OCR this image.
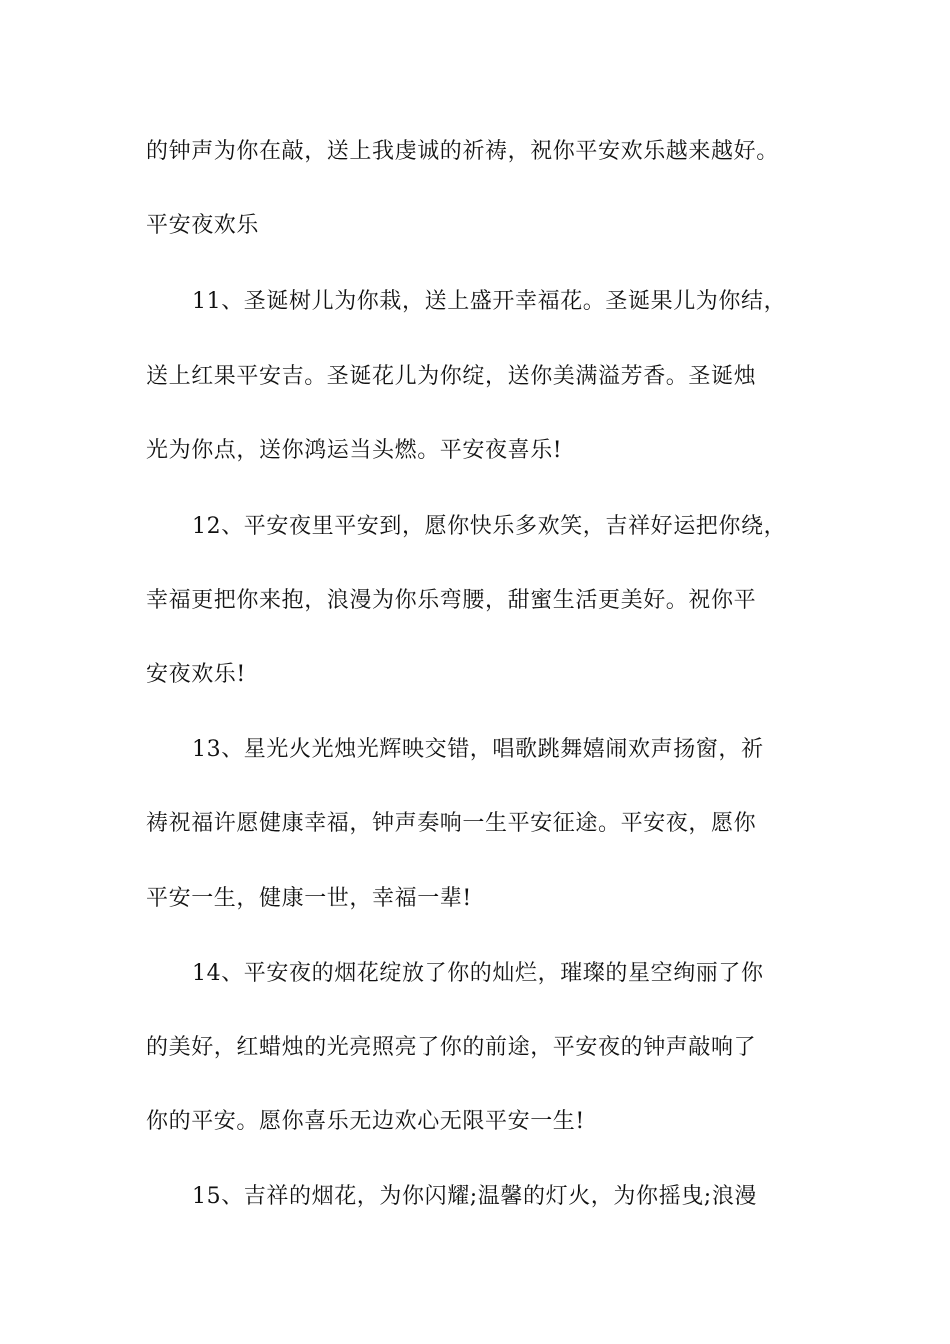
的钟声为你在敲，送上我虔诚的祈祷，祝你平安欢乐越来越好。
平安夜欢乐
11、圣诞树儿为你栽，送上盛开幸福花。圣诞果儿为你结，
送上红果平安吉。圣诞花儿为你绽，送你美满溢芳香。圣诞烛
光为你点，送你鸿运当头燃。平安夜喜乐!
12、平安夜里平安到，愿你快乐多欢笑，吉祥好运把你绕，
幸福更把你来抱，浪漫为你乐弯腰，甜蜜生活更美好。祝你平
安夜欢乐!
13、星光火光烛光辉映交错，唱歌跳舞嬉闹欢声扬窗，祈
祷祝福许愿健康幸福，钟声奏响一生平安征途。平安夜，愿你
平安一生，健康一世，幸福一辈!
14、平安夜的烟花绽放了你的灿烂，璀璨的星空绚丽了你
的美好，红蜡烛的光亮照亮了你的前途，平安夜的钟声敲响了
你的平安。愿你喜乐无边欢心无限平安一生!
15、吉祥的烟花，为你闪耀;温馨的灯火，为你摇曳;浪漫
